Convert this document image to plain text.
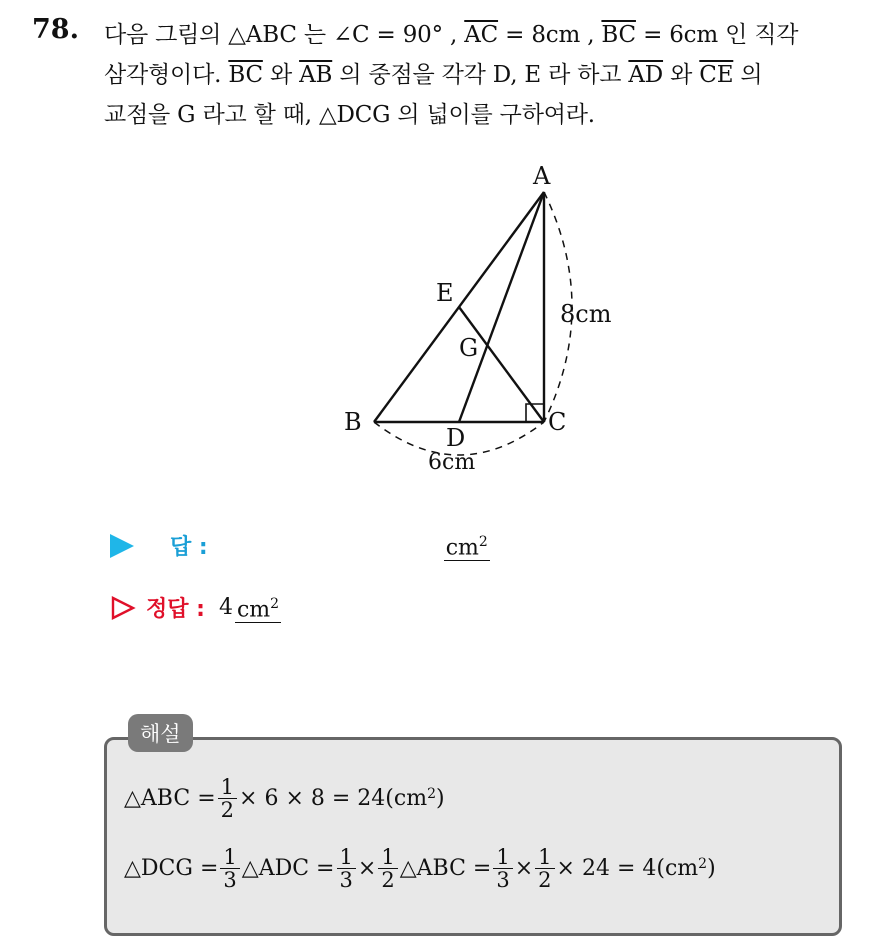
78. 다음 그림의 △ABC 는 ∠C = 90° , $\overline{AC} = 8cm$ , $\overline{BC} = 6cm$ 인 직각
삼각형이다. $\overline{BC}$ 와 $\overline{AB}$ 의 중점을 각각 D, E 라 하고 $\overline{AD}$ 와 $\overline{CE}$ 의
교점을 G 라고 할 때, △DCG 의 넓이를 구하여라.
A
B	C
D
E
G
8cm
6cm
답 :	$cm^2$
정답 : 4 $cm^2$
해설
△ABC = $\frac{1}{2} \times 6 \times 8 = 24(cm^2$ )
△DCG = $\frac{1}{3}$ △ADC = $\frac{1}{3} \times \frac{1}{2}$ △ABC = $\frac{1}{3} \times \frac{1}{2} \times 24 = 4(cm^2$ )
